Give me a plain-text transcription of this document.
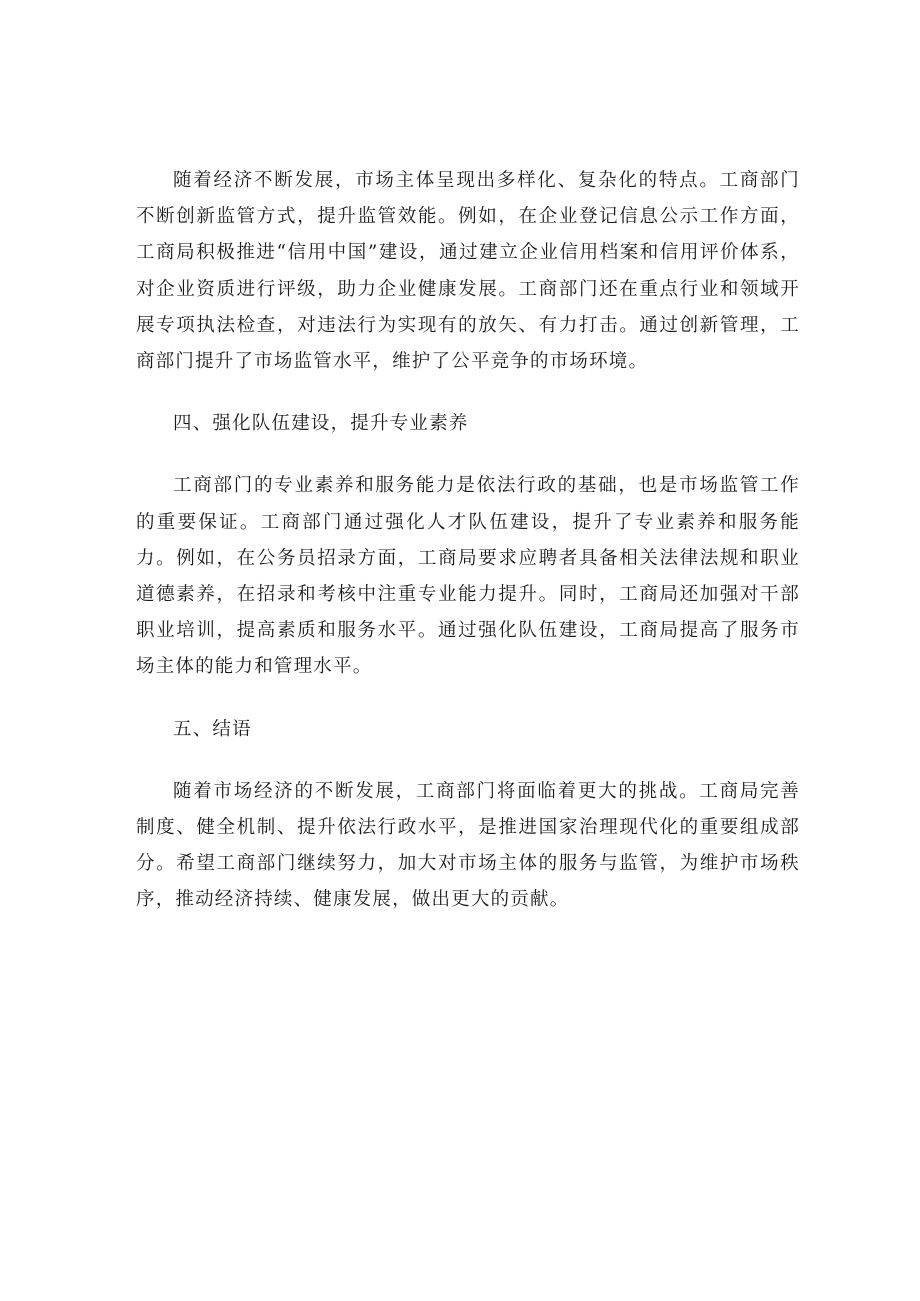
随着经济不断发展，市场主体呈现出多样化、复杂化的特点。工商部门不断创新监管方式，提升监管效能。例如，在企业登记信息公示工作方面，工商局积极推进“信用中国”建设，通过建立企业信用档案和信用评价体系，对企业资质进行评级，助力企业健康发展。工商部门还在重点行业和领域开展专项执法检查，对违法行为实现有的放矢、有力打击。通过创新管理，工商部门提升了市场监管水平，维护了公平竞争的市场环境。

四、强化队伍建设，提升专业素养

工商部门的专业素养和服务能力是依法行政的基础，也是市场监管工作的重要保证。工商部门通过强化人才队伍建设，提升了专业素养和服务能力。例如，在公务员招录方面，工商局要求应聘者具备相关法律法规和职业道德素养，在招录和考核中注重专业能力提升。同时，工商局还加强对干部职业培训，提高素质和服务水平。通过强化队伍建设，工商局提高了服务市场主体的能力和管理水平。

五、结语

随着市场经济的不断发展，工商部门将面临着更大的挑战。工商局完善制度、健全机制、提升依法行政水平，是推进国家治理现代化的重要组成部分。希望工商部门继续努力，加大对市场主体的服务与监管，为维护市场秩序，推动经济持续、健康发展，做出更大的贡献。
